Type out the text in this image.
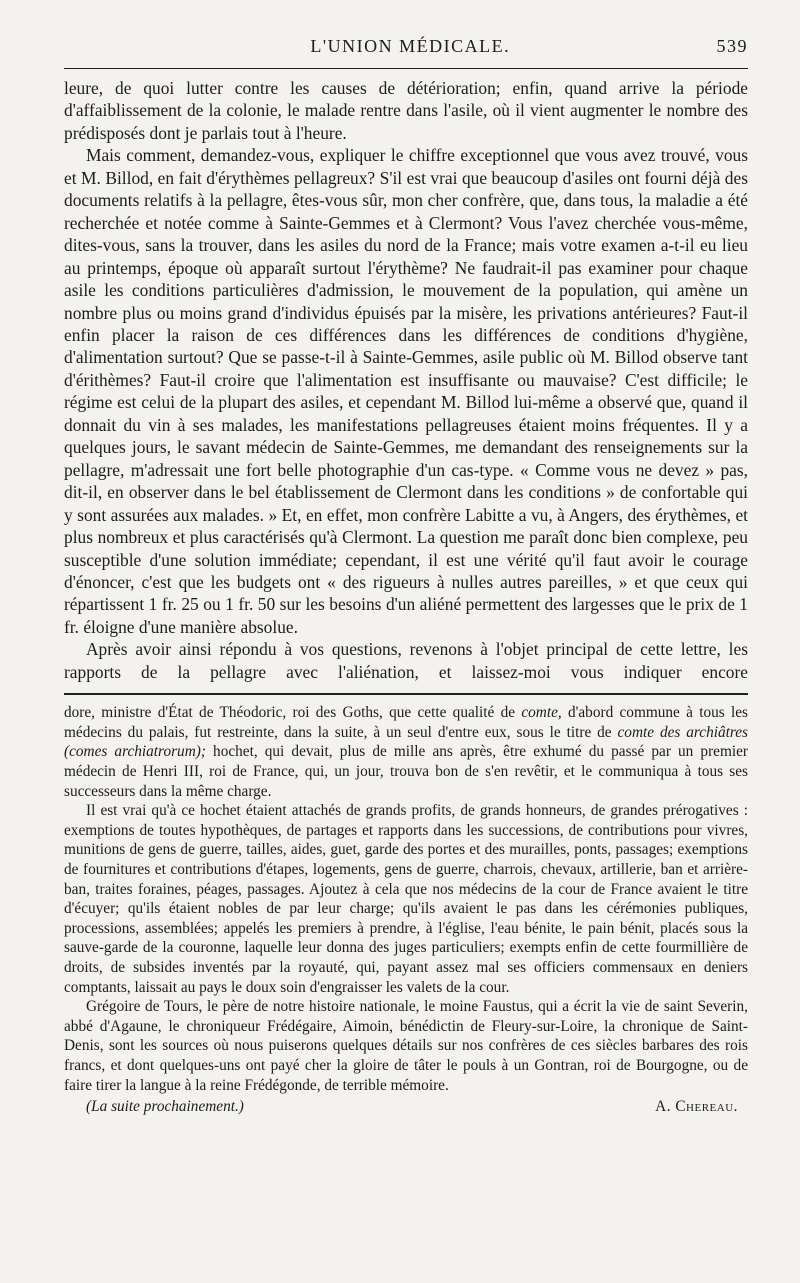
L'UNION MÉDICALE.	539

leure, de quoi lutter contre les causes de détérioration; enfin, quand arrive la période d'affaiblissement de la colonie, le malade rentre dans l'asile, où il vient augmenter le nombre des prédisposés dont je parlais tout à l'heure.

Mais comment, demandez-vous, expliquer le chiffre exceptionnel que vous avez trouvé, vous et M. Billod, en fait d'érythèmes pellagreux? S'il est vrai que beaucoup d'asiles ont fourni déjà des documents relatifs à la pellagre, êtes-vous sûr, mon cher confrère, que, dans tous, la maladie a été recherchée et notée comme à Sainte-Gemmes et à Clermont? Vous l'avez cherchée vous-même, dites-vous, sans la trouver, dans les asiles du nord de la France; mais votre examen a-t-il eu lieu au printemps, époque où apparaît surtout l'érythème? Ne faudrait-il pas examiner pour chaque asile les conditions particulières d'admission, le mouvement de la population, qui amène un nombre plus ou moins grand d'individus épuisés par la misère, les privations antérieures? Faut-il enfin placer la raison de ces différences dans les différences de conditions d'hygiène, d'alimentation surtout? Que se passe-t-il à Sainte-Gemmes, asile public où M. Billod observe tant d'érithèmes? Faut-il croire que l'alimentation est insuffisante ou mauvaise? C'est difficile; le régime est celui de la plupart des asiles, et cependant M. Billod lui-même a observé que, quand il donnait du vin à ses malades, les manifestations pellagreuses étaient moins fréquentes. Il y a quelques jours, le savant médecin de Sainte-Gemmes, me demandant des renseignements sur la pellagre, m'adressait une fort belle photographie d'un cas-type. « Comme vous ne devez » pas, dit-il, en observer dans le bel établissement de Clermont dans les conditions » de confortable qui y sont assurées aux malades. » Et, en effet, mon confrère Labitte a vu, à Angers, des érythèmes, et plus nombreux et plus caractérisés qu'à Clermont. La question me paraît donc bien complexe, peu susceptible d'une solution immédiate; cependant, il est une vérité qu'il faut avoir le courage d'énoncer, c'est que les budgets ont « des rigueurs à nulles autres pareilles, » et que ceux qui répartissent 1 fr. 25 ou 1 fr. 50 sur les besoins d'un aliéné permettent des largesses que le prix de 1 fr. éloigne d'une manière absolue.

Après avoir ainsi répondu à vos questions, revenons à l'objet principal de cette lettre, les rapports de la pellagre avec l'aliénation, et laissez-moi vous indiquer encore

dore, ministre d'État de Théodoric, roi des Goths, que cette qualité de comte, d'abord commune à tous les médecins du palais, fut restreinte, dans la suite, à un seul d'entre eux, sous le titre de comte des archiâtres (comes archiatrorum); hochet, qui devait, plus de mille ans après, être exhumé du passé par un premier médecin de Henri III, roi de France, qui, un jour, trouva bon de s'en revêtir, et le communiqua à tous ses successeurs dans la même charge.

Il est vrai qu'à ce hochet étaient attachés de grands profits, de grands honneurs, de grandes prérogatives : exemptions de toutes hypothèques, de partages et rapports dans les successions, de contributions pour vivres, munitions de gens de guerre, tailles, aides, guet, garde des portes et des murailles, ponts, passages; exemptions de fournitures et contributions d'étapes, logements, gens de guerre, charrois, chevaux, artillerie, ban et arrière-ban, traites foraines, péages, passages. Ajoutez à cela que nos médecins de la cour de France avaient le titre d'écuyer; qu'ils étaient nobles de par leur charge; qu'ils avaient le pas dans les cérémonies publiques, processions, assemblées; appelés les premiers à prendre, à l'église, l'eau bénite, le pain bénit, placés sous la sauve-garde de la couronne, laquelle leur donna des juges particuliers; exempts enfin de cette fourmillière de droits, de subsides inventés par la royauté, qui, payant assez mal ses officiers commensaux en deniers comptants, laissait au pays le doux soin d'engraisser les valets de la cour.

Grégoire de Tours, le père de notre histoire nationale, le moine Faustus, qui a écrit la vie de saint Severin, abbé d'Agaune, le chroniqueur Frédégaire, Aimoin, bénédictin de Fleury-sur-Loire, la chronique de Saint-Denis, sont les sources où nous puiserons quelques détails sur nos confrères de ces siècles barbares des rois francs, et dont quelques-uns ont payé cher la gloire de tâter le pouls à un Gontran, roi de Bourgogne, ou de faire tirer la langue à la reine Frédégonde, de terrible mémoire.

(La suite prochainement.)	A. Chereau.
